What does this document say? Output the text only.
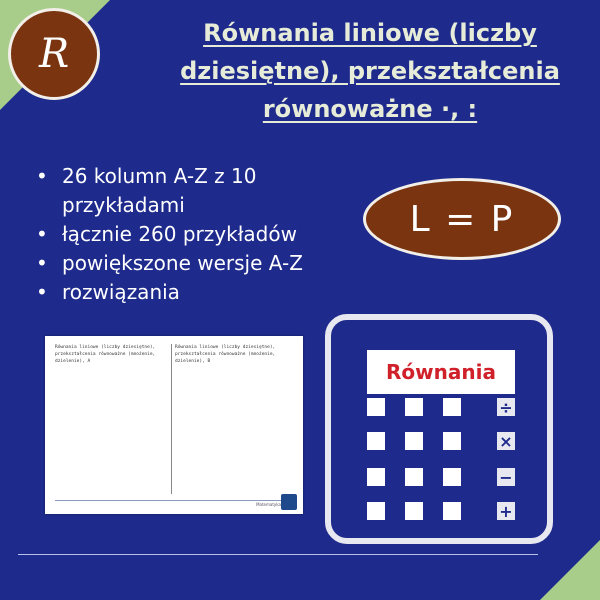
R	Równania liniowe (liczby
dziesiętne), przekształcenia
równoważne ·, :
• 26 kolumn A-Z z 10 przykładami
• łącznie 260 przykładów
• powiększone wersje A-Z
• rozwiązania
L = P
Równania liniowe (liczby dziesiętne),
przekształcenia równoważne (mnożenie, dzielenie), A
Równania liniowe (liczby dziesiętne),
przekształcenia równoważne (mnożenie, dzielenie), B
Matematyka
Równania
÷
×
−
+
